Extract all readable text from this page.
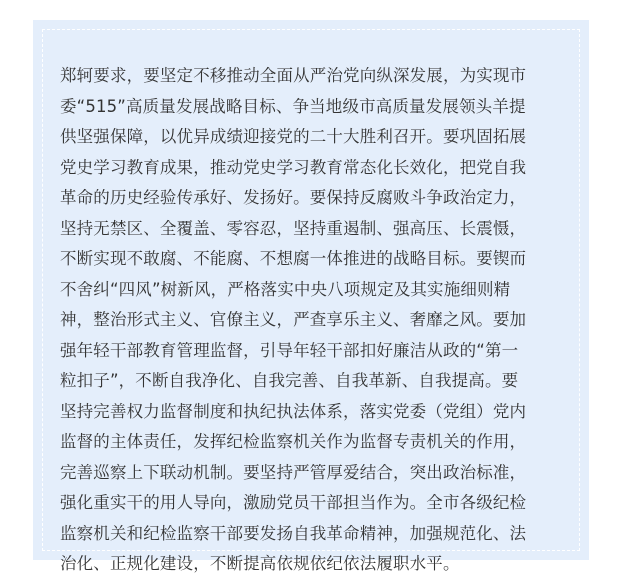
郑轲要求，要坚定不移推动全面从严治党向纵深发展，为实现市
委“515”高质量发展战略目标、争当地级市高质量发展领头羊提
供坚强保障，以优异成绩迎接党的二十大胜利召开。要巩固拓展
党史学习教育成果，推动党史学习教育常态化长效化，把党自我
革命的历史经验传承好、发扬好。要保持反腐败斗争政治定力，
坚持无禁区、全覆盖、零容忍，坚持重遏制、强高压、长震慑，
不断实现不敢腐、不能腐、不想腐一体推进的战略目标。要锲而
不舍纠“四风”树新风，严格落实中央八项规定及其实施细则精
神，整治形式主义、官僚主义，严查享乐主义、奢靡之风。要加
强年轻干部教育管理监督，引导年轻干部扣好廉洁从政的“第一
粒扣子”，不断自我净化、自我完善、自我革新、自我提高。要
坚持完善权力监督制度和执纪执法体系，落实党委（党组）党内
监督的主体责任，发挥纪检监察机关作为监督专责机关的作用，
完善巡察上下联动机制。要坚持严管厚爱结合，突出政治标准，
强化重实干的用人导向，激励党员干部担当作为。全市各级纪检
监察机关和纪检监察干部要发扬自我革命精神，加强规范化、法
治化、正规化建设，不断提高依规依纪依法履职水平。
